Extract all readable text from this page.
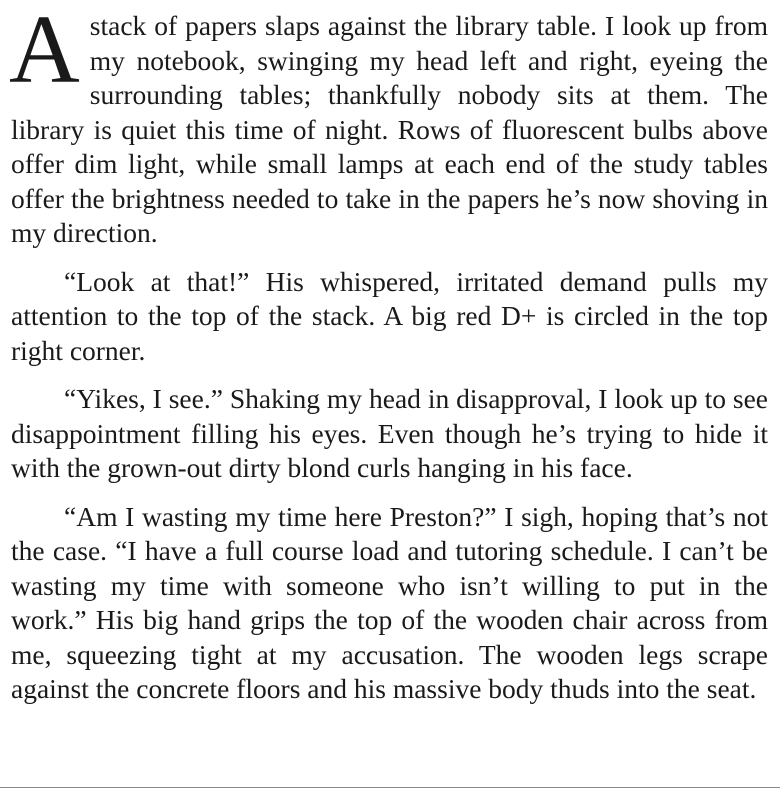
Astack of papers slaps against the library table. I look up from my notebook, swinging my head left and right, eyeing the surrounding tables; thankfully nobody sits at them. The library is quiet this time of night. Rows of fluorescent bulbs above offer dim light, while small lamps at each end of the study tables offer the brightness needed to take in the papers he’s now shoving in my direction.

“Look at that!” His whispered, irritated demand pulls my attention to the top of the stack. A big red D+ is circled in the top right corner.

“Yikes, I see.” Shaking my head in disapproval, I look up to see disappointment filling his eyes. Even though he’s trying to hide it with the grown-out dirty blond curls hanging in his face.

“Am I wasting my time here Preston?” I sigh, hoping that’s not the case. “I have a full course load and tutoring schedule. I can’t be wasting my time with someone who isn’t willing to put in the work.” His big hand grips the top of the wooden chair across from me, squeezing tight at my accusation. The wooden legs scrape against the concrete floors and his massive body thuds into the seat.
